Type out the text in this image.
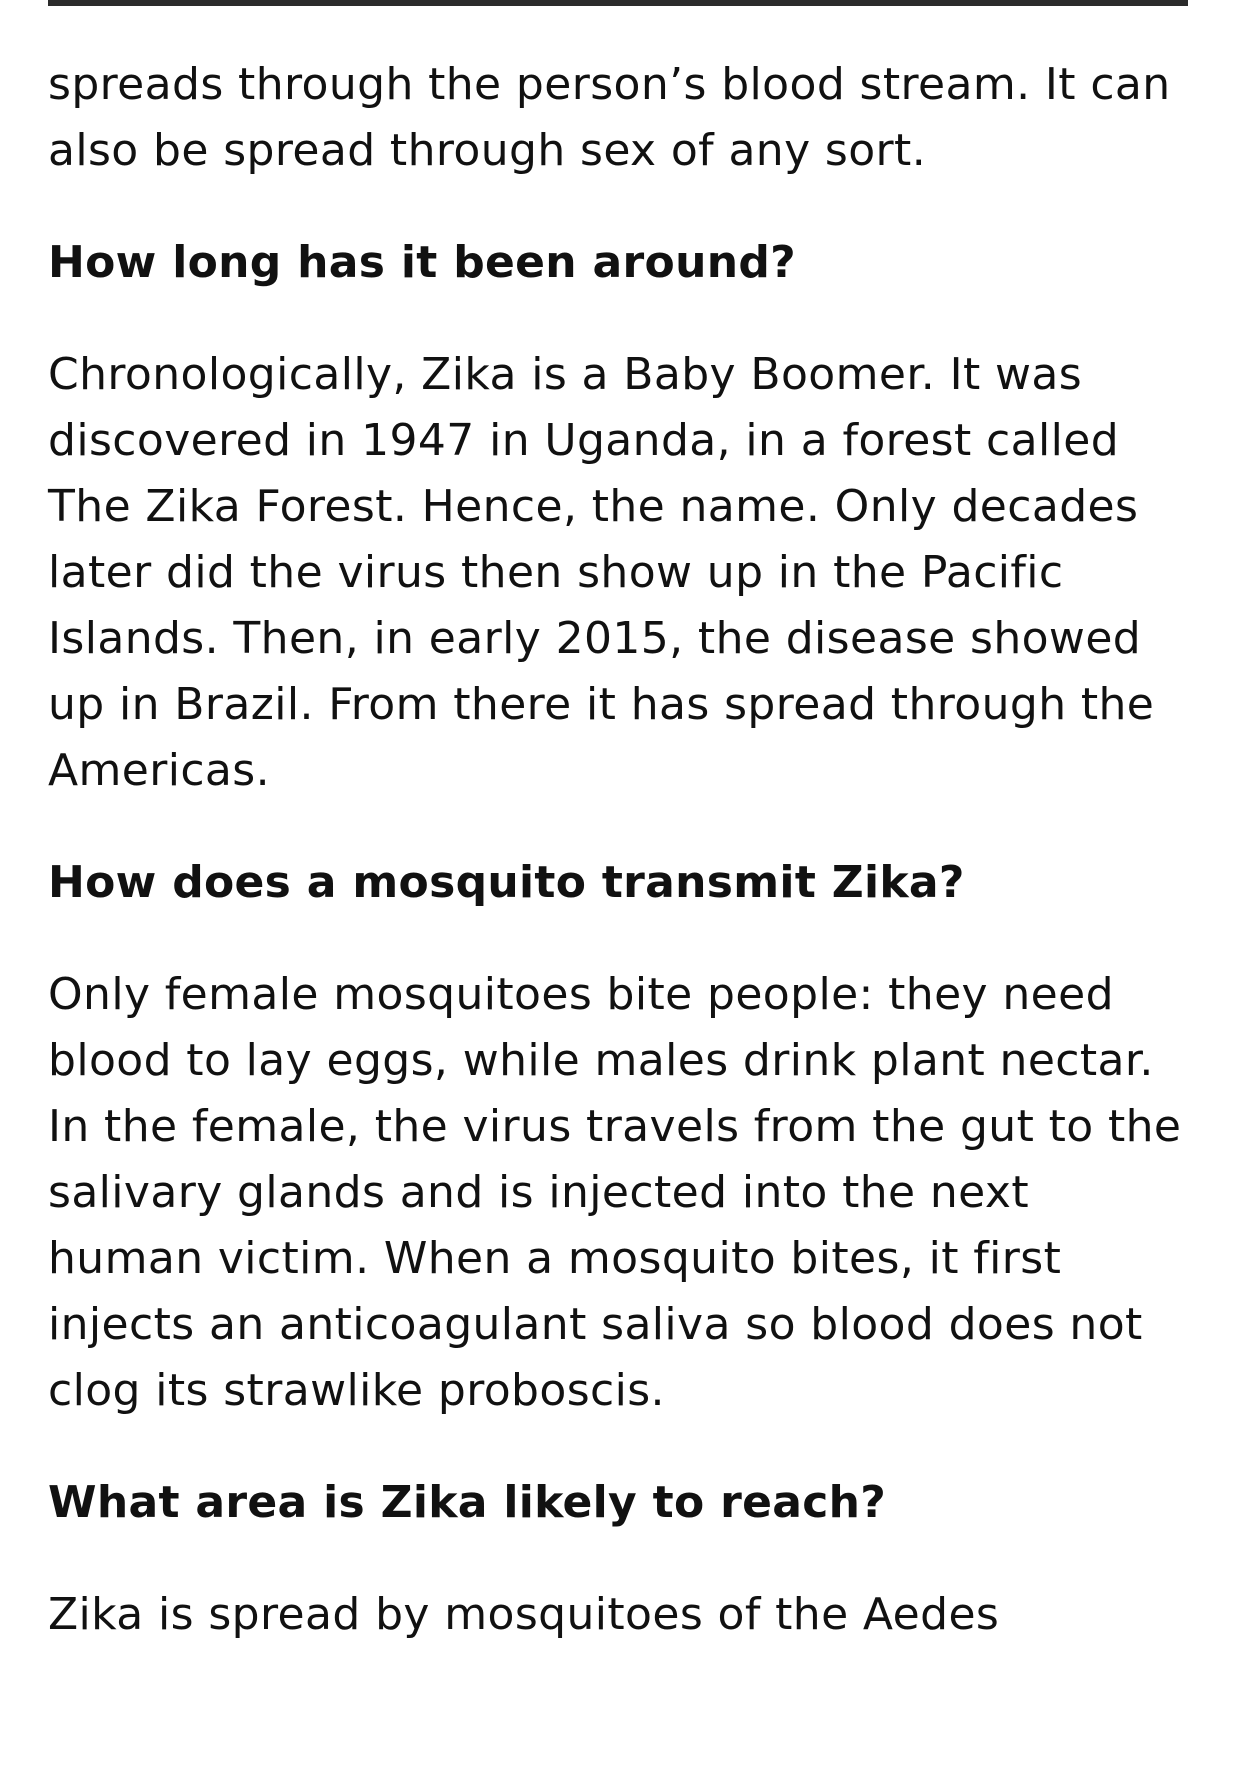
spreads through the person’s blood stream. It can also be spread through sex of any sort.

How long has it been around?

Chronologically, Zika is a Baby Boomer. It was discovered in 1947 in Uganda, in a forest called The Zika Forest. Hence, the name. Only decades later did the virus then show up in the Pacific Islands. Then, in early 2015, the disease showed up in Brazil. From there it has spread through the Americas.

How does a mosquito transmit Zika?

Only female mosquitoes bite people: they need blood to lay eggs, while males drink plant nectar. In the female, the virus travels from the gut to the salivary glands and is injected into the next human victim. When a mosquito bites, it first injects an anticoagulant saliva so blood does not clog its strawlike proboscis.

What area is Zika likely to reach?

Zika is spread by mosquitoes of the Aedes
